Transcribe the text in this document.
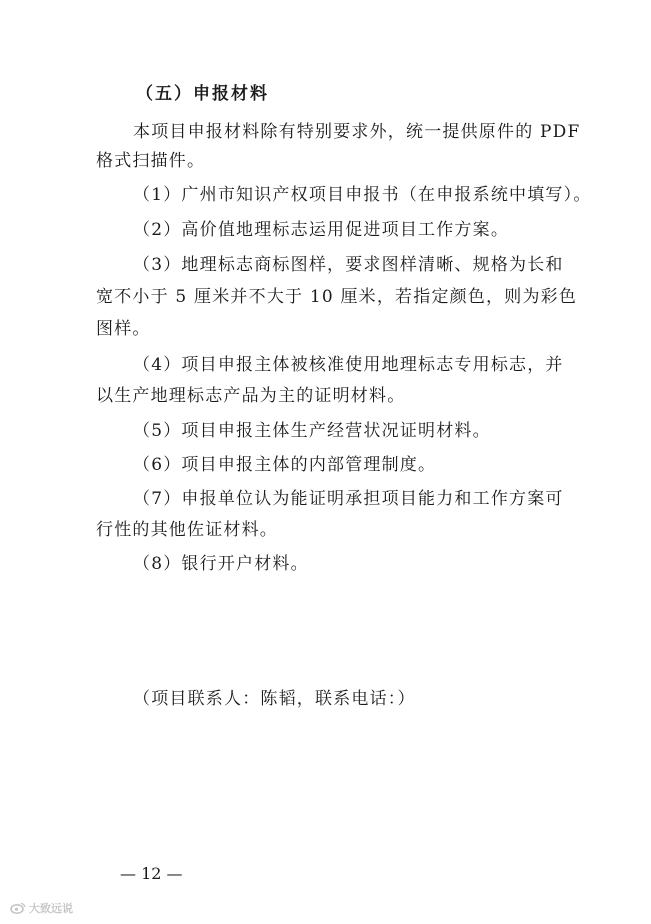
（五）申报材料
本项目申报材料除有特别要求外，统一提供原件的 PDF
格式扫描件。
（1）广州市知识产权项目申报书（在申报系统中填写）。
（2）高价值地理标志运用促进项目工作方案。
（3）地理标志商标图样，要求图样清晰、规格为长和
宽不小于 5 厘米并不大于 10 厘米，若指定颜色，则为彩色
图样。
（4）项目申报主体被核准使用地理标志专用标志，并
以生产地理标志产品为主的证明材料。
（5）项目申报主体生产经营状况证明材料。
（6）项目申报主体的内部管理制度。
（7）申报单位认为能证明承担项目能力和工作方案可
行性的其他佐证材料。
（8）银行开户材料。
（项目联系人：陈韬，联系电话：）
— 12 —
大致远说
